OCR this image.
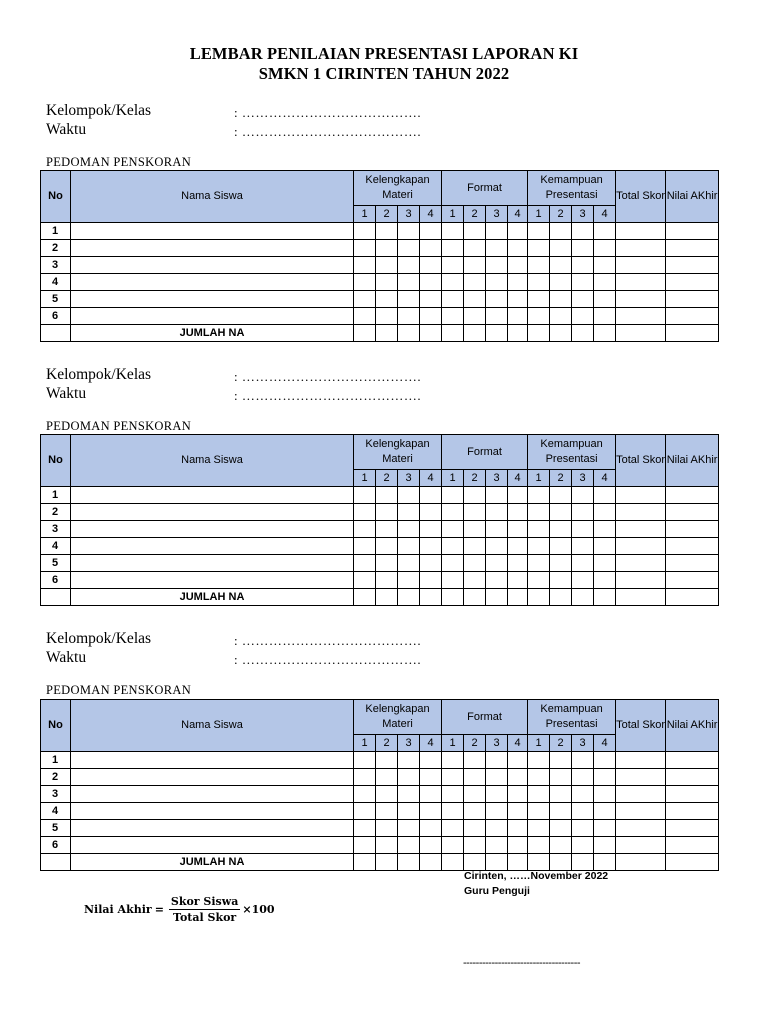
LEMBAR PENILAIAN PRESENTASI LAPORAN KI
SMKN 1 CIRINTEN TAHUN 2022
Kelompok/Kelas	: ………………………………….
Waktu	: ………………………………….
PEDOMAN PENSKORAN
No	Nama Siswa	Kelengkapan Materi				Format				Kemampuan Presentasi				Total Skor	Nilai AKhir
		1	2	3	4	1	2	3	4	1	2	3	4		
1															
2															
3															
4															
5															
6															
	JUMLAH NA														
Kelompok/Kelas	: ………………………………….
Waktu	: ………………………………….
PEDOMAN PENSKORAN
No	Nama Siswa	Kelengkapan Materi				Format				Kemampuan Presentasi				Total Skor	Nilai AKhir
		1	2	3	4	1	2	3	4	1	2	3	4		
1															
2															
3															
4															
5															
6															
	JUMLAH NA														
Kelompok/Kelas	: ………………………………….
Waktu	: ………………………………….
PEDOMAN PENSKORAN
No	Nama Siswa	Kelengkapan Materi				Format				Kemampuan Presentasi				Total Skor	Nilai AKhir
		1	2	3	4	1	2	3	4	1	2	3	4		
1															
2															
3															
4															
5															
6															
	JUMLAH NA														
Cirinten, ……November 2022
Guru Penguji
-------------------------------------
Nilai Akhir = $\frac{\text{Skor Siswa}}{\text{Total Skor}} \times 100$
